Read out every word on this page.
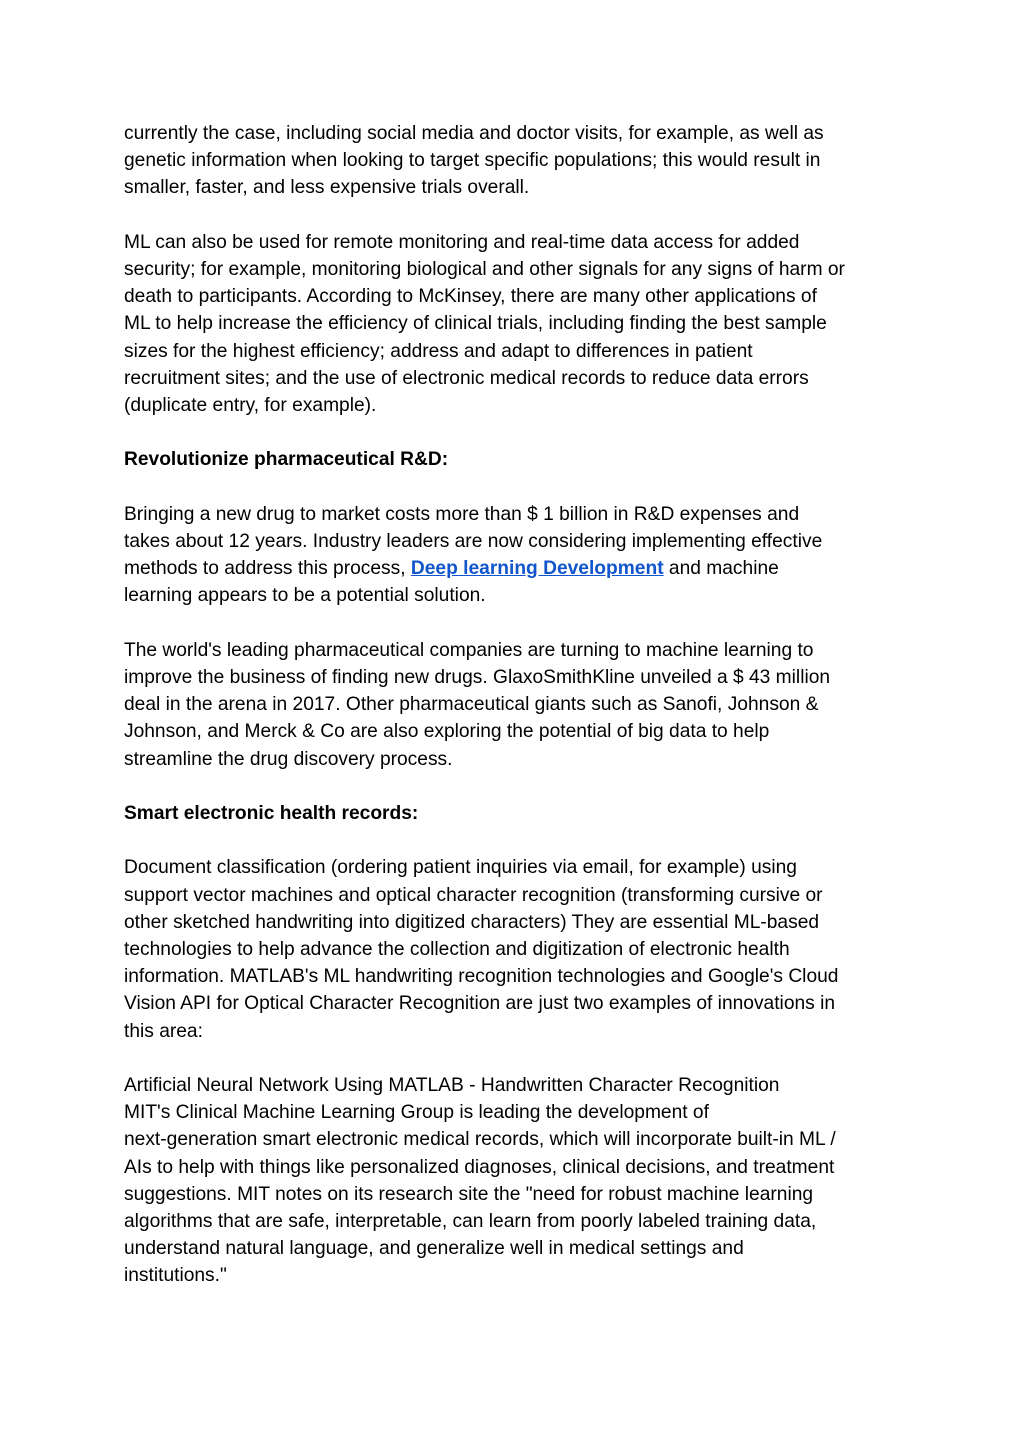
currently the case, including social media and doctor visits, for example, as well as
genetic information when looking to target specific populations; this would result in
smaller, faster, and less expensive trials overall.

ML can also be used for remote monitoring and real-time data access for added
security; for example, monitoring biological and other signals for any signs of harm or
death to participants. According to McKinsey, there are many other applications of
ML to help increase the efficiency of clinical trials, including finding the best sample
sizes for the highest efficiency; address and adapt to differences in patient
recruitment sites; and the use of electronic medical records to reduce data errors
(duplicate entry, for example).

Revolutionize pharmaceutical R&D:

Bringing a new drug to market costs more than $ 1 billion in R&D expenses and
takes about 12 years. Industry leaders are now considering implementing effective
methods to address this process, Deep learning Development and machine
learning appears to be a potential solution.

The world's leading pharmaceutical companies are turning to machine learning to
improve the business of finding new drugs. GlaxoSmithKline unveiled a $ 43 million
deal in the arena in 2017. Other pharmaceutical giants such as Sanofi, Johnson &
Johnson, and Merck & Co are also exploring the potential of big data to help
streamline the drug discovery process.

Smart electronic health records:

Document classification (ordering patient inquiries via email, for example) using
support vector machines and optical character recognition (transforming cursive or
other sketched handwriting into digitized characters) They are essential ML-based
technologies to help advance the collection and digitization of electronic health
information. MATLAB's ML handwriting recognition technologies and Google's Cloud
Vision API for Optical Character Recognition are just two examples of innovations in
this area:

Artificial Neural Network Using MATLAB - Handwritten Character Recognition
MIT's Clinical Machine Learning Group is leading the development of
next-generation smart electronic medical records, which will incorporate built-in ML /
AIs to help with things like personalized diagnoses, clinical decisions, and treatment
suggestions. MIT notes on its research site the "need for robust machine learning
algorithms that are safe, interpretable, can learn from poorly labeled training data,
understand natural language, and generalize well in medical settings and
institutions."
